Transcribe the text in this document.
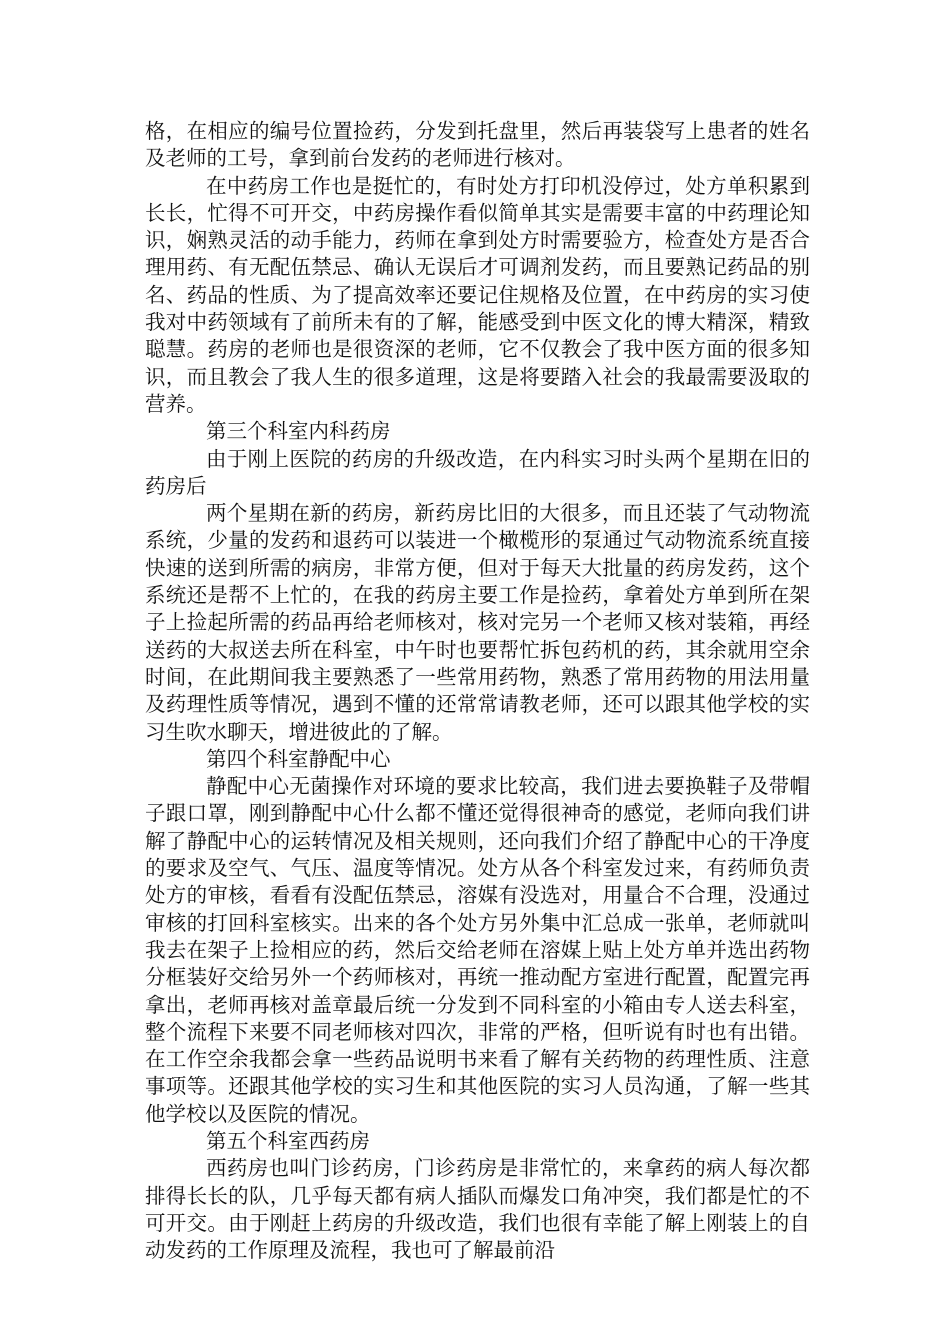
格，在相应的编号位置捡药，分发到托盘里，然后再装袋写上患者的姓名及老师的工号，拿到前台发药的老师进行核对。

在中药房工作也是挺忙的，有时处方打印机没停过，处方单积累到长长，忙得不可开交，中药房操作看似简单其实是需要丰富的中药理论知识，娴熟灵活的动手能力，药师在拿到处方时需要验方，检查处方是否合理用药、有无配伍禁忌、确认无误后才可调剂发药，而且要熟记药品的别名、药品的性质、为了提高效率还要记住规格及位置，在中药房的实习使我对中药领域有了前所未有的了解，能感受到中医文化的博大精深，精致聪慧。药房的老师也是很资深的老师，它不仅教会了我中医方面的很多知识，而且教会了我人生的很多道理，这是将要踏入社会的我最需要汲取的营养。

第三个科室内科药房

由于刚上医院的药房的升级改造，在内科实习时头两个星期在旧的药房后

两个星期在新的药房，新药房比旧的大很多，而且还装了气动物流系统，少量的发药和退药可以装进一个橄榄形的泵通过气动物流系统直接快速的送到所需的病房，非常方便，但对于每天大批量的药房发药，这个系统还是帮不上忙的，在我的药房主要工作是捡药，拿着处方单到所在架子上捡起所需的药品再给老师核对，核对完另一个老师又核对装箱，再经送药的大叔送去所在科室，中午时也要帮忙拆包药机的药，其余就用空余时间，在此期间我主要熟悉了一些常用药物，熟悉了常用药物的用法用量及药理性质等情况，遇到不懂的还常常请教老师，还可以跟其他学校的实习生吹水聊天，增进彼此的了解。

第四个科室静配中心

静配中心无菌操作对环境的要求比较高，我们进去要换鞋子及带帽子跟口罩，刚到静配中心什么都不懂还觉得很神奇的感觉，老师向我们讲解了静配中心的运转情况及相关规则，还向我们介绍了静配中心的干净度的要求及空气、气压、温度等情况。处方从各个科室发过来，有药师负责处方的审核，看看有没配伍禁忌，溶媒有没选对，用量合不合理，没通过审核的打回科室核实。出来的各个处方另外集中汇总成一张单，老师就叫我去在架子上捡相应的药，然后交给老师在溶媒上贴上处方单并选出药物分框装好交给另外一个药师核对，再统一推动配方室进行配置，配置完再拿出，老师再核对盖章最后统一分发到不同科室的小箱由专人送去科室，整个流程下来要不同老师核对四次，非常的严格，但听说有时也有出错。在工作空余我都会拿一些药品说明书来看了解有关药物的药理性质、注意事项等。还跟其他学校的实习生和其他医院的实习人员沟通，了解一些其他学校以及医院的情况。

第五个科室西药房

西药房也叫门诊药房，门诊药房是非常忙的，来拿药的病人每次都排得长长的队，几乎每天都有病人插队而爆发口角冲突，我们都是忙的不可开交。由于刚赶上药房的升级改造，我们也很有幸能了解上刚装上的自动发药的工作原理及流程，我也可了解最前沿
